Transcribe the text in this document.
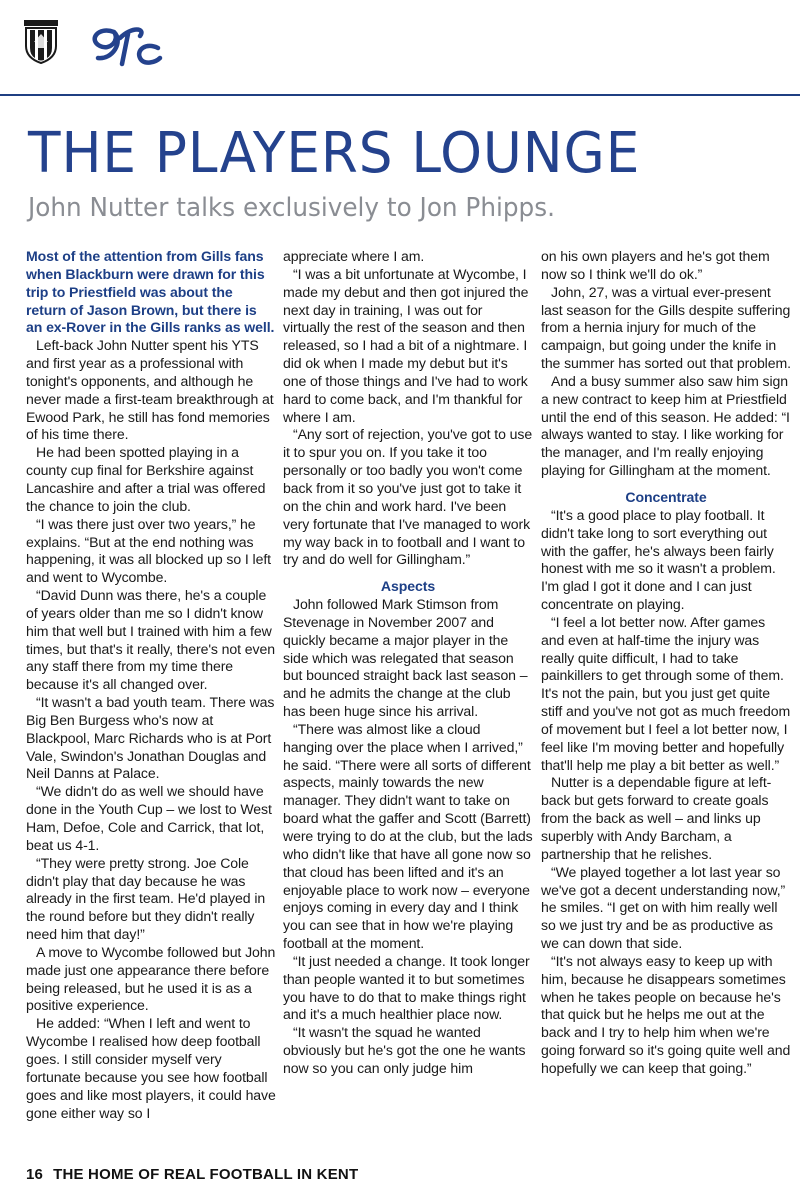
THE PLAYERS LOUNGE
John Nutter talks exclusively to Jon Phipps.

Most of the attention from Gills fans when Blackburn were drawn for this trip to Priestfield was about the return of Jason Brown, but there is an ex-Rover in the Gills ranks as well.

Left-back John Nutter spent his YTS and first year as a professional with tonight's opponents, and although he never made a first-team breakthrough at Ewood Park, he still has fond memories of his time there.

He had been spotted playing in a county cup final for Berkshire against Lancashire and after a trial was offered the chance to join the club.

“I was there just over two years,” he explains. “But at the end nothing was happening, it was all blocked up so I left and went to Wycombe.

“David Dunn was there, he's a couple of years older than me so I didn't know him that well but I trained with him a few times, but that's it really, there's not even any staff there from my time there because it's all changed over.

“It wasn't a bad youth team. There was Big Ben Burgess who's now at Blackpool, Marc Richards who is at Port Vale, Swindon's Jonathan Douglas and Neil Danns at Palace.

“We didn't do as well we should have done in the Youth Cup – we lost to West Ham, Defoe, Cole and Carrick, that lot, beat us 4-1.

“They were pretty strong. Joe Cole didn't play that day because he was already in the first team. He'd played in the round before but they didn't really need him that day!”

A move to Wycombe followed but John made just one appearance there before being released, but he used it is as a positive experience.

He added: “When I left and went to Wycombe I realised how deep football goes. I still consider myself very fortunate because you see how football goes and like most players, it could have gone either way so I

appreciate where I am.

“I was a bit unfortunate at Wycombe, I made my debut and then got injured the next day in training, I was out for virtually the rest of the season and then released, so I had a bit of a nightmare. I did ok when I made my debut but it's one of those things and I've had to work hard to come back, and I'm thankful for where I am.

“Any sort of rejection, you've got to use it to spur you on. If you take it too personally or too badly you won't come back from it so you've just got to take it on the chin and work hard. I've been very fortunate that I've managed to work my way back in to football and I want to try and do well for Gillingham.”

Aspects

John followed Mark Stimson from Stevenage in November 2007 and quickly became a major player in the side which was relegated that season but bounced straight back last season – and he admits the change at the club has been huge since his arrival.

“There was almost like a cloud hanging over the place when I arrived,” he said. “There were all sorts of different aspects, mainly towards the new manager. They didn't want to take on board what the gaffer and Scott (Barrett) were trying to do at the club, but the lads who didn't like that have all gone now so that cloud has been lifted and it's an enjoyable place to work now – everyone enjoys coming in every day and I think you can see that in how we're playing football at the moment.

“It just needed a change. It took longer than people wanted it to but sometimes you have to do that to make things right and it's a much healthier place now.

“It wasn't the squad he wanted obviously but he's got the one he wants now so you can only judge him

on his own players and he's got them now so I think we'll do ok.”

John, 27, was a virtual ever-present last season for the Gills despite suffering from a hernia injury for much of the campaign, but going under the knife in the summer has sorted out that problem.

And a busy summer also saw him sign a new contract to keep him at Priestfield until the end of this season. He added: “I always wanted to stay. I like working for the manager, and I'm really enjoying playing for Gillingham at the moment.

Concentrate

“It's a good place to play football. It didn't take long to sort everything out with the gaffer, he's always been fairly honest with me so it wasn't a problem. I'm glad I got it done and I can just concentrate on playing.

“I feel a lot better now. After games and even at half-time the injury was really quite difficult, I had to take painkillers to get through some of them. It's not the pain, but you just get quite stiff and you've not got as much freedom of movement but I feel a lot better now, I feel like I'm moving better and hopefully that'll help me play a bit better as well.”

Nutter is a dependable figure at left-back but gets forward to create goals from the back as well – and links up superbly with Andy Barcham, a partnership that he relishes.

“We played together a lot last year so we've got a decent understanding now,” he smiles. “I get on with him really well so we just try and be as productive as we can down that side.

“It's not always easy to keep up with him, because he disappears sometimes when he takes people on because he's that quick but he helps me out at the back and I try to help him when we're going forward so it's going quite well and hopefully we can keep that going.”

16 THE HOME OF REAL FOOTBALL IN KENT
